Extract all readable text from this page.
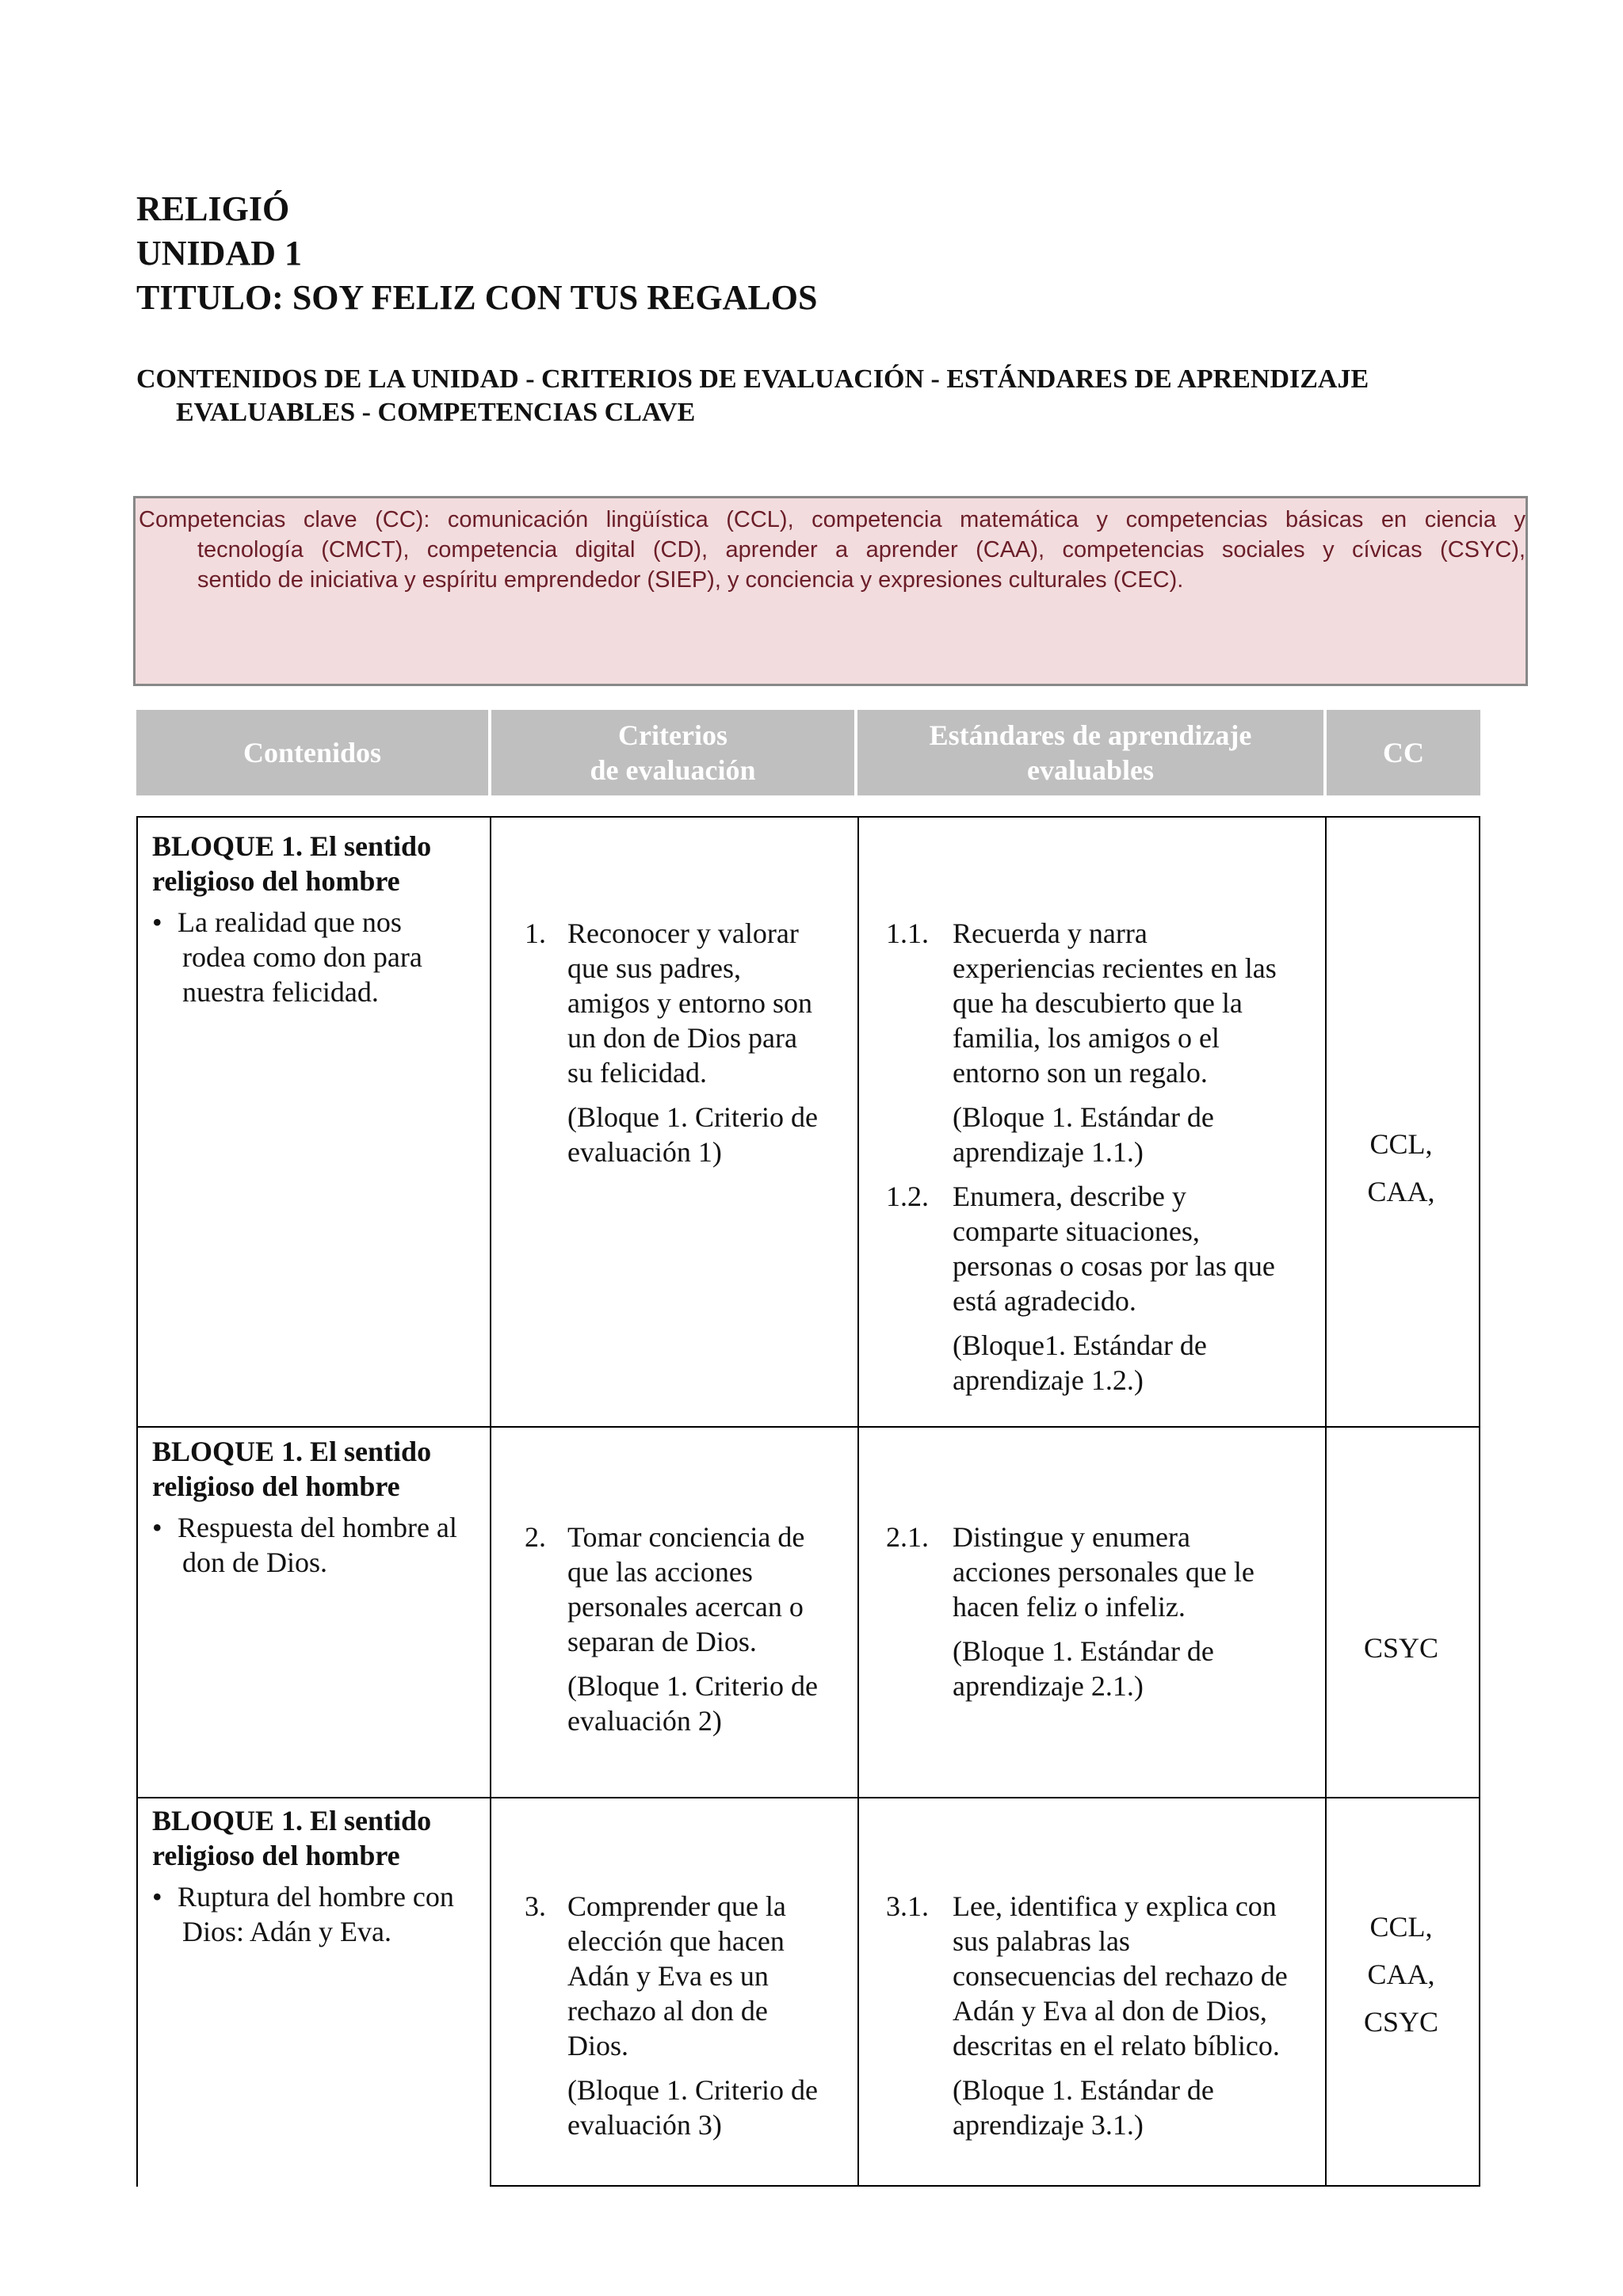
RELIGIÓ
UNIDAD 1
TITULO: SOY FELIZ CON TUS REGALOS
CONTENIDOS DE LA UNIDAD - CRITERIOS DE EVALUACIÓN - ESTÁNDARES DE APRENDIZAJE
EVALUABLES - COMPETENCIAS CLAVE
Competencias clave (CC): comunicación lingüística (CCL), competencia matemática y competencias básicas en ciencia y
tecnología (CMCT), competencia digital (CD), aprender a aprender (CAA), competencias sociales y cívicas (CSYC),
sentido de iniciativa y espíritu emprendedor (SIEP), y conciencia y expresiones culturales (CEC).
Contenidos
Criterios
de evaluación
Estándares de aprendizaje
evaluables
CC
BLOQUE 1. El sentido
religioso del hombre
• La realidad que nos
rodea como don para
nuestra felicidad.
1. Reconocer y valorar
que sus padres,
amigos y entorno son
un don de Dios para
su felicidad.
(Bloque 1. Criterio de
evaluación 1)
1.1. Recuerda y narra
experiencias recientes en las
que ha descubierto que la
familia, los amigos o el
entorno son un regalo.
(Bloque 1. Estándar de
aprendizaje 1.1.)
1.2. Enumera, describe y
comparte situaciones,
personas o cosas por las que
está agradecido.
(Bloque1. Estándar de
aprendizaje 1.2.)
CCL,
CAA,
BLOQUE 1. El sentido
religioso del hombre
• Respuesta del hombre al
don de Dios.
2. Tomar conciencia de
que las acciones
personales acercan o
separan de Dios.
(Bloque 1. Criterio de
evaluación 2)
2.1. Distingue y enumera
acciones personales que le
hacen feliz o infeliz.
(Bloque 1. Estándar de
aprendizaje 2.1.)
CSYC
BLOQUE 1. El sentido
religioso del hombre
• Ruptura del hombre con
Dios: Adán y Eva.
3. Comprender que la
elección que hacen
Adán y Eva es un
rechazo al don de
Dios.
(Bloque 1. Criterio de
evaluación 3)
3.1. Lee, identifica y explica con
sus palabras las
consecuencias del rechazo de
Adán y Eva al don de Dios,
descritas en el relato bíblico.
(Bloque 1. Estándar de
aprendizaje 3.1.)
CCL,
CAA,
CSYC
